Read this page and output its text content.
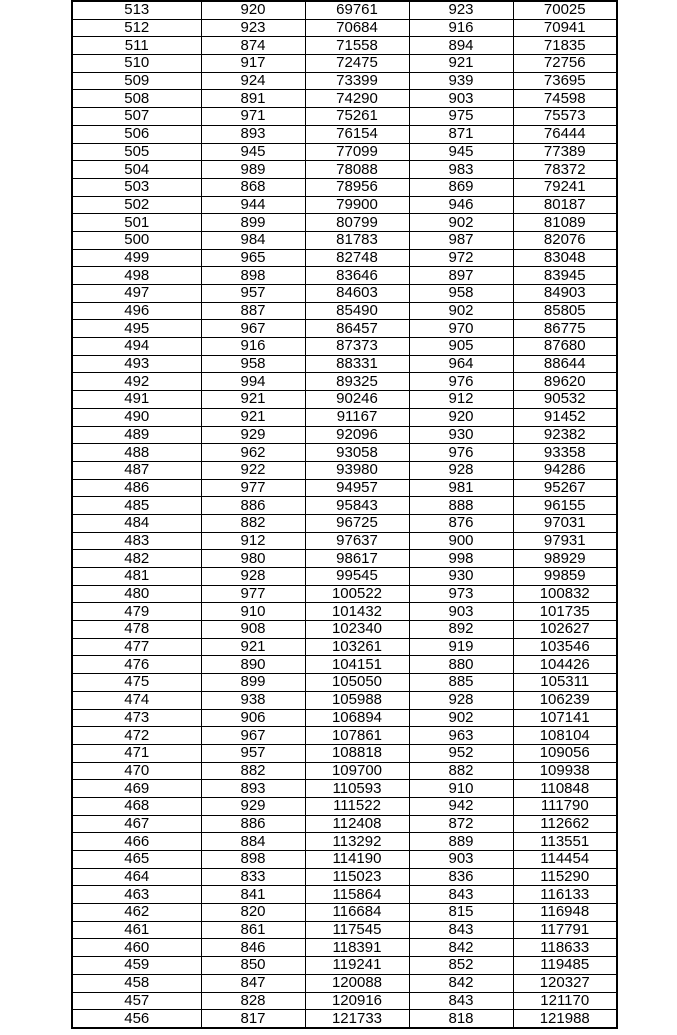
513	920	69761	923	70025
512	923	70684	916	70941
511	874	71558	894	71835
510	917	72475	921	72756
509	924	73399	939	73695
508	891	74290	903	74598
507	971	75261	975	75573
506	893	76154	871	76444
505	945	77099	945	77389
504	989	78088	983	78372
503	868	78956	869	79241
502	944	79900	946	80187
501	899	80799	902	81089
500	984	81783	987	82076
499	965	82748	972	83048
498	898	83646	897	83945
497	957	84603	958	84903
496	887	85490	902	85805
495	967	86457	970	86775
494	916	87373	905	87680
493	958	88331	964	88644
492	994	89325	976	89620
491	921	90246	912	90532
490	921	91167	920	91452
489	929	92096	930	92382
488	962	93058	976	93358
487	922	93980	928	94286
486	977	94957	981	95267
485	886	95843	888	96155
484	882	96725	876	97031
483	912	97637	900	97931
482	980	98617	998	98929
481	928	99545	930	99859
480	977	100522	973	100832
479	910	101432	903	101735
478	908	102340	892	102627
477	921	103261	919	103546
476	890	104151	880	104426
475	899	105050	885	105311
474	938	105988	928	106239
473	906	106894	902	107141
472	967	107861	963	108104
471	957	108818	952	109056
470	882	109700	882	109938
469	893	110593	910	110848
468	929	111522	942	111790
467	886	112408	872	112662
466	884	113292	889	113551
465	898	114190	903	114454
464	833	115023	836	115290
463	841	115864	843	116133
462	820	116684	815	116948
461	861	117545	843	117791
460	846	118391	842	118633
459	850	119241	852	119485
458	847	120088	842	120327
457	828	120916	843	121170
456	817	121733	818	121988
